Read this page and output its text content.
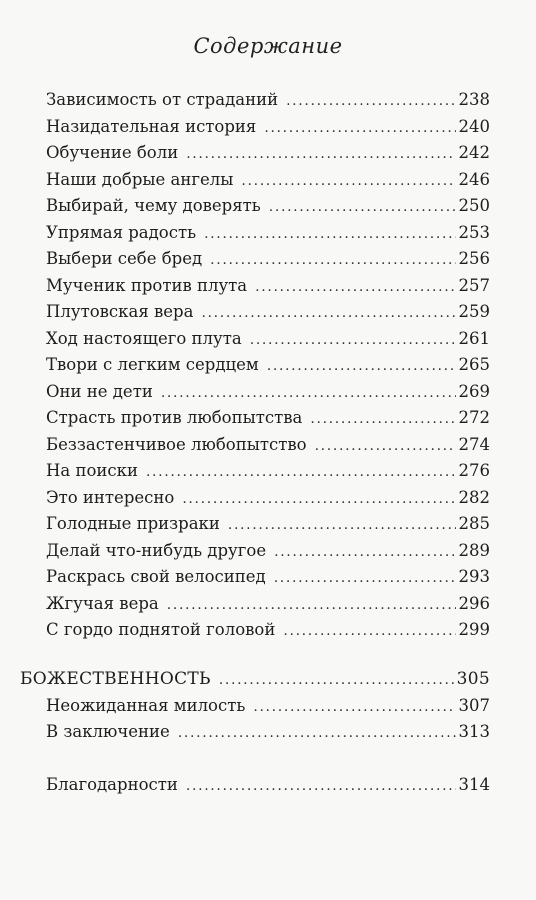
Содержание
Зависимость от страданий . . .	238
Назидательная история . . .	240
Обучение боли . . .	242
Наши добрые ангелы . . .	246
Выбирай, чему доверять . . .	250
Упрямая радость . . .	253
Выбери себе бред . . .	256
Мученик против плута . . .	257
Плутовская вера . . .	259
Ход настоящего плута . . .	261
Твори с легким сердцем . . .	265
Они не дети . . .	269
Страсть против любопытства . . .	272
Беззастенчивое любопытство . . .	274
На поиски . . .	276
Это интересно . . .	282
Голодные призраки . . .	285
Делай что-нибудь другое . . .	289
Раскрась свой велосипед . . .	293
Жгучая вера . . .	296
С гордо поднятой головой . . .	299
БОЖЕСТВЕННОСТЬ . . .	305
Неожиданная милость . . .	307
В заключение . . .	313
Благодарности . . .	314
